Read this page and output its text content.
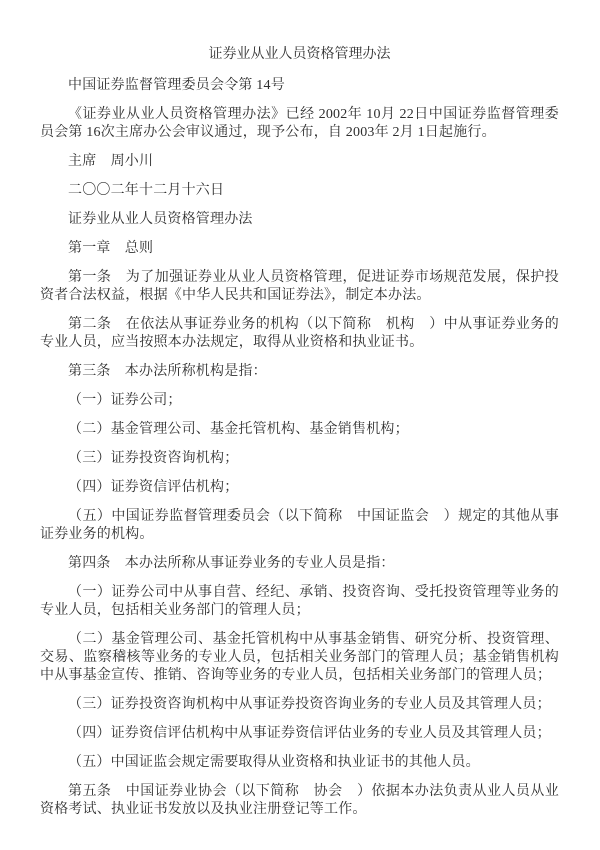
证券业从业人员资格管理办法

中国证券监督管理委员会令第 14号

《证券业从业人员资格管理办法》已经 2002年 10月 22日中国证券监督管理委员会第 16次主席办公会审议通过，现予公布，自 2003年 2月 1日起施行。

主席　周小川

二〇〇二年十二月十六日

证券业从业人员资格管理办法

第一章　总则

第一条　为了加强证券业从业人员资格管理，促进证券市场规范发展，保护投资者合法权益，根据《中华人民共和国证券法》，制定本办法。

第二条　在依法从事证券业务的机构（以下简称　机构　）中从事证券业务的专业人员，应当按照本办法规定，取得从业资格和执业证书。

第三条　本办法所称机构是指：

（一）证券公司；

（二）基金管理公司、基金托管机构、基金销售机构；

（三）证券投资咨询机构；

（四）证券资信评估机构；

（五）中国证券监督管理委员会（以下简称　中国证监会　）规定的其他从事证券业务的机构。

第四条　本办法所称从事证券业务的专业人员是指：

（一）证券公司中从事自营、经纪、承销、投资咨询、受托投资管理等业务的专业人员，包括相关业务部门的管理人员；

（二）基金管理公司、基金托管机构中从事基金销售、研究分析、投资管理、交易、监察稽核等业务的专业人员，包括相关业务部门的管理人员；基金销售机构中从事基金宣传、推销、咨询等业务的专业人员，包括相关业务部门的管理人员；

（三）证券投资咨询机构中从事证券投资咨询业务的专业人员及其管理人员；

（四）证券资信评估机构中从事证券资信评估业务的专业人员及其管理人员；

（五）中国证监会规定需要取得从业资格和执业证书的其他人员。

第五条　中国证券业协会（以下简称　协会　）依据本办法负责从业人员从业资格考试、执业证书发放以及执业注册登记等工作。
